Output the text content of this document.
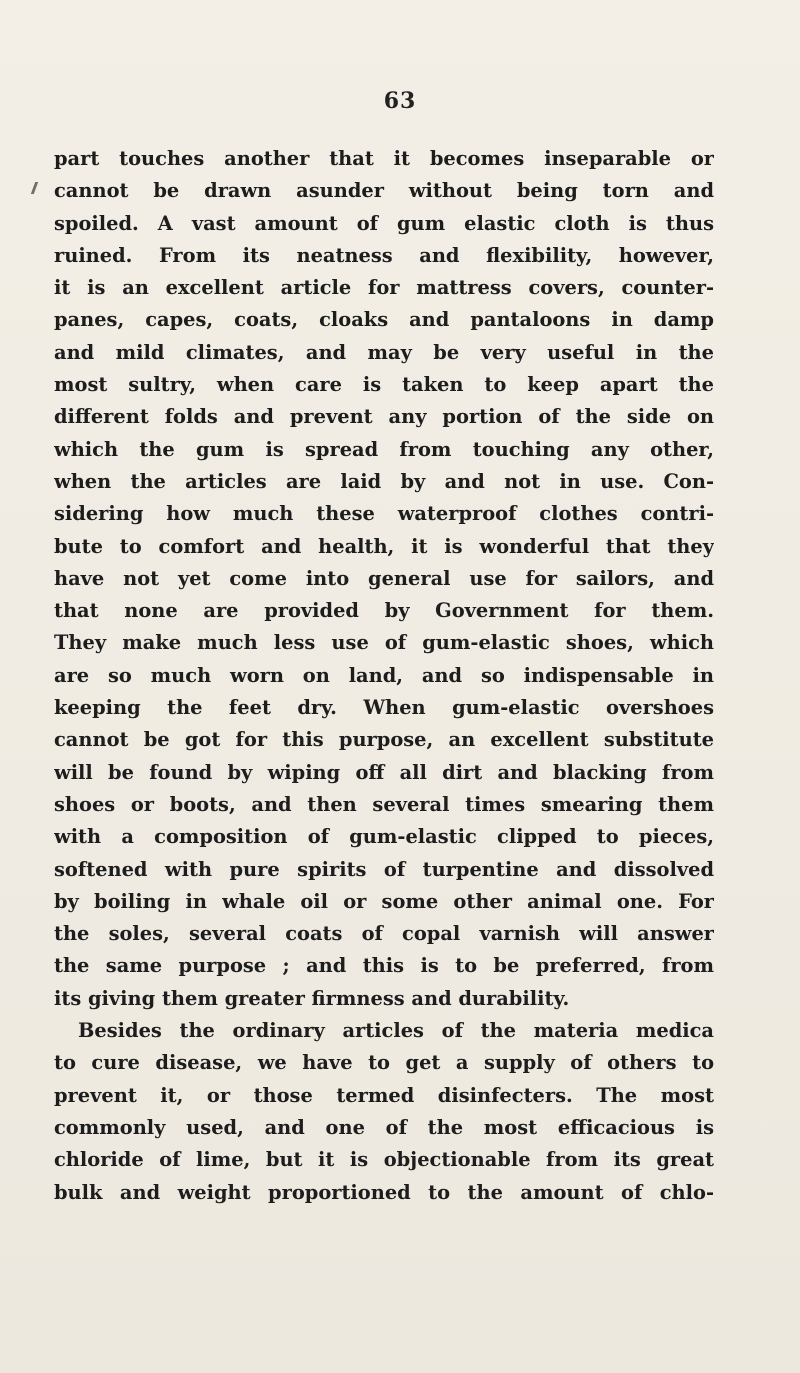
63
part touches another that it becomes inseparable or
cannot be drawn asunder without being torn and
spoiled. A vast amount of gum elastic cloth is thus
ruined. From its neatness and flexibility, however,
it is an excellent article for mattress covers, counter-
panes, capes, coats, cloaks and pantaloons in damp
and mild climates, and may be very useful in the
most sultry, when care is taken to keep apart the
different folds and prevent any portion of the side on
which the gum is spread from touching any other,
when the articles are laid by and not in use. Con-
sidering how much these waterproof clothes contri-
bute to comfort and health, it is wonderful that they
have not yet come into general use for sailors, and
that none are provided by Government for them.
They make much less use of gum-elastic shoes, which
are so much worn on land, and so indispensable in
keeping the feet dry. When gum-elastic overshoes
cannot be got for this purpose, an excellent substitute
will be found by wiping off all dirt and blacking from
shoes or boots, and then several times smearing them
with a composition of gum-elastic clipped to pieces,
softened with pure spirits of turpentine and dissolved
by boiling in whale oil or some other animal one. For
the soles, several coats of copal varnish will answer
the same purpose ; and this is to be preferred, from
its giving them greater firmness and durability.
Besides the ordinary articles of the materia medica
to cure disease, we have to get a supply of others to
prevent it, or those termed disinfecters. The most
commonly used, and one of the most efficacious is
chloride of lime, but it is objectionable from its great
bulk and weight proportioned to the amount of chlo-
